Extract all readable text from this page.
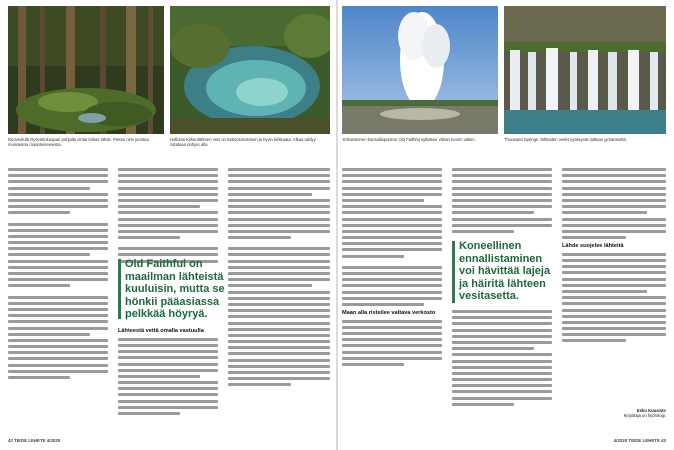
Ruovedellä Ryövärinkuopan pohjalla virtaa kirkas lähde. Pekan nimi juontaa muinaiseta maanteiseweista.
Hollolan Kiikunlähteen vesi on turkoosinvärisen ja hyvin kirkkaata. Alkaa addyy ostataan pohjan alla.
Yellowstonen kansallispuiston Old Faithful sylkäsee vähän tunnin välein.	Thousand Springs -lähteiden vedet syöksyvät laittaan jyrkänteeltä.
Old Faithful on maailman lähteistä kuuluisin, mutta se hönkii pääasiassa pelkkää höyryä.
Lähteestä vettä omalla vastuulla
Maan alla risteilee valtava verkosto
Koneellinen ennallistaminen voi hävittää lajeja ja häiritä lähteen vesitasetta.
Lähde suojelee lähteitä
Esko Kuusisto
Kirjoittaja on hydrologi.
42 TIEDE LEHETE 4/2020	4/2020 TIEDE LEHETE 43
